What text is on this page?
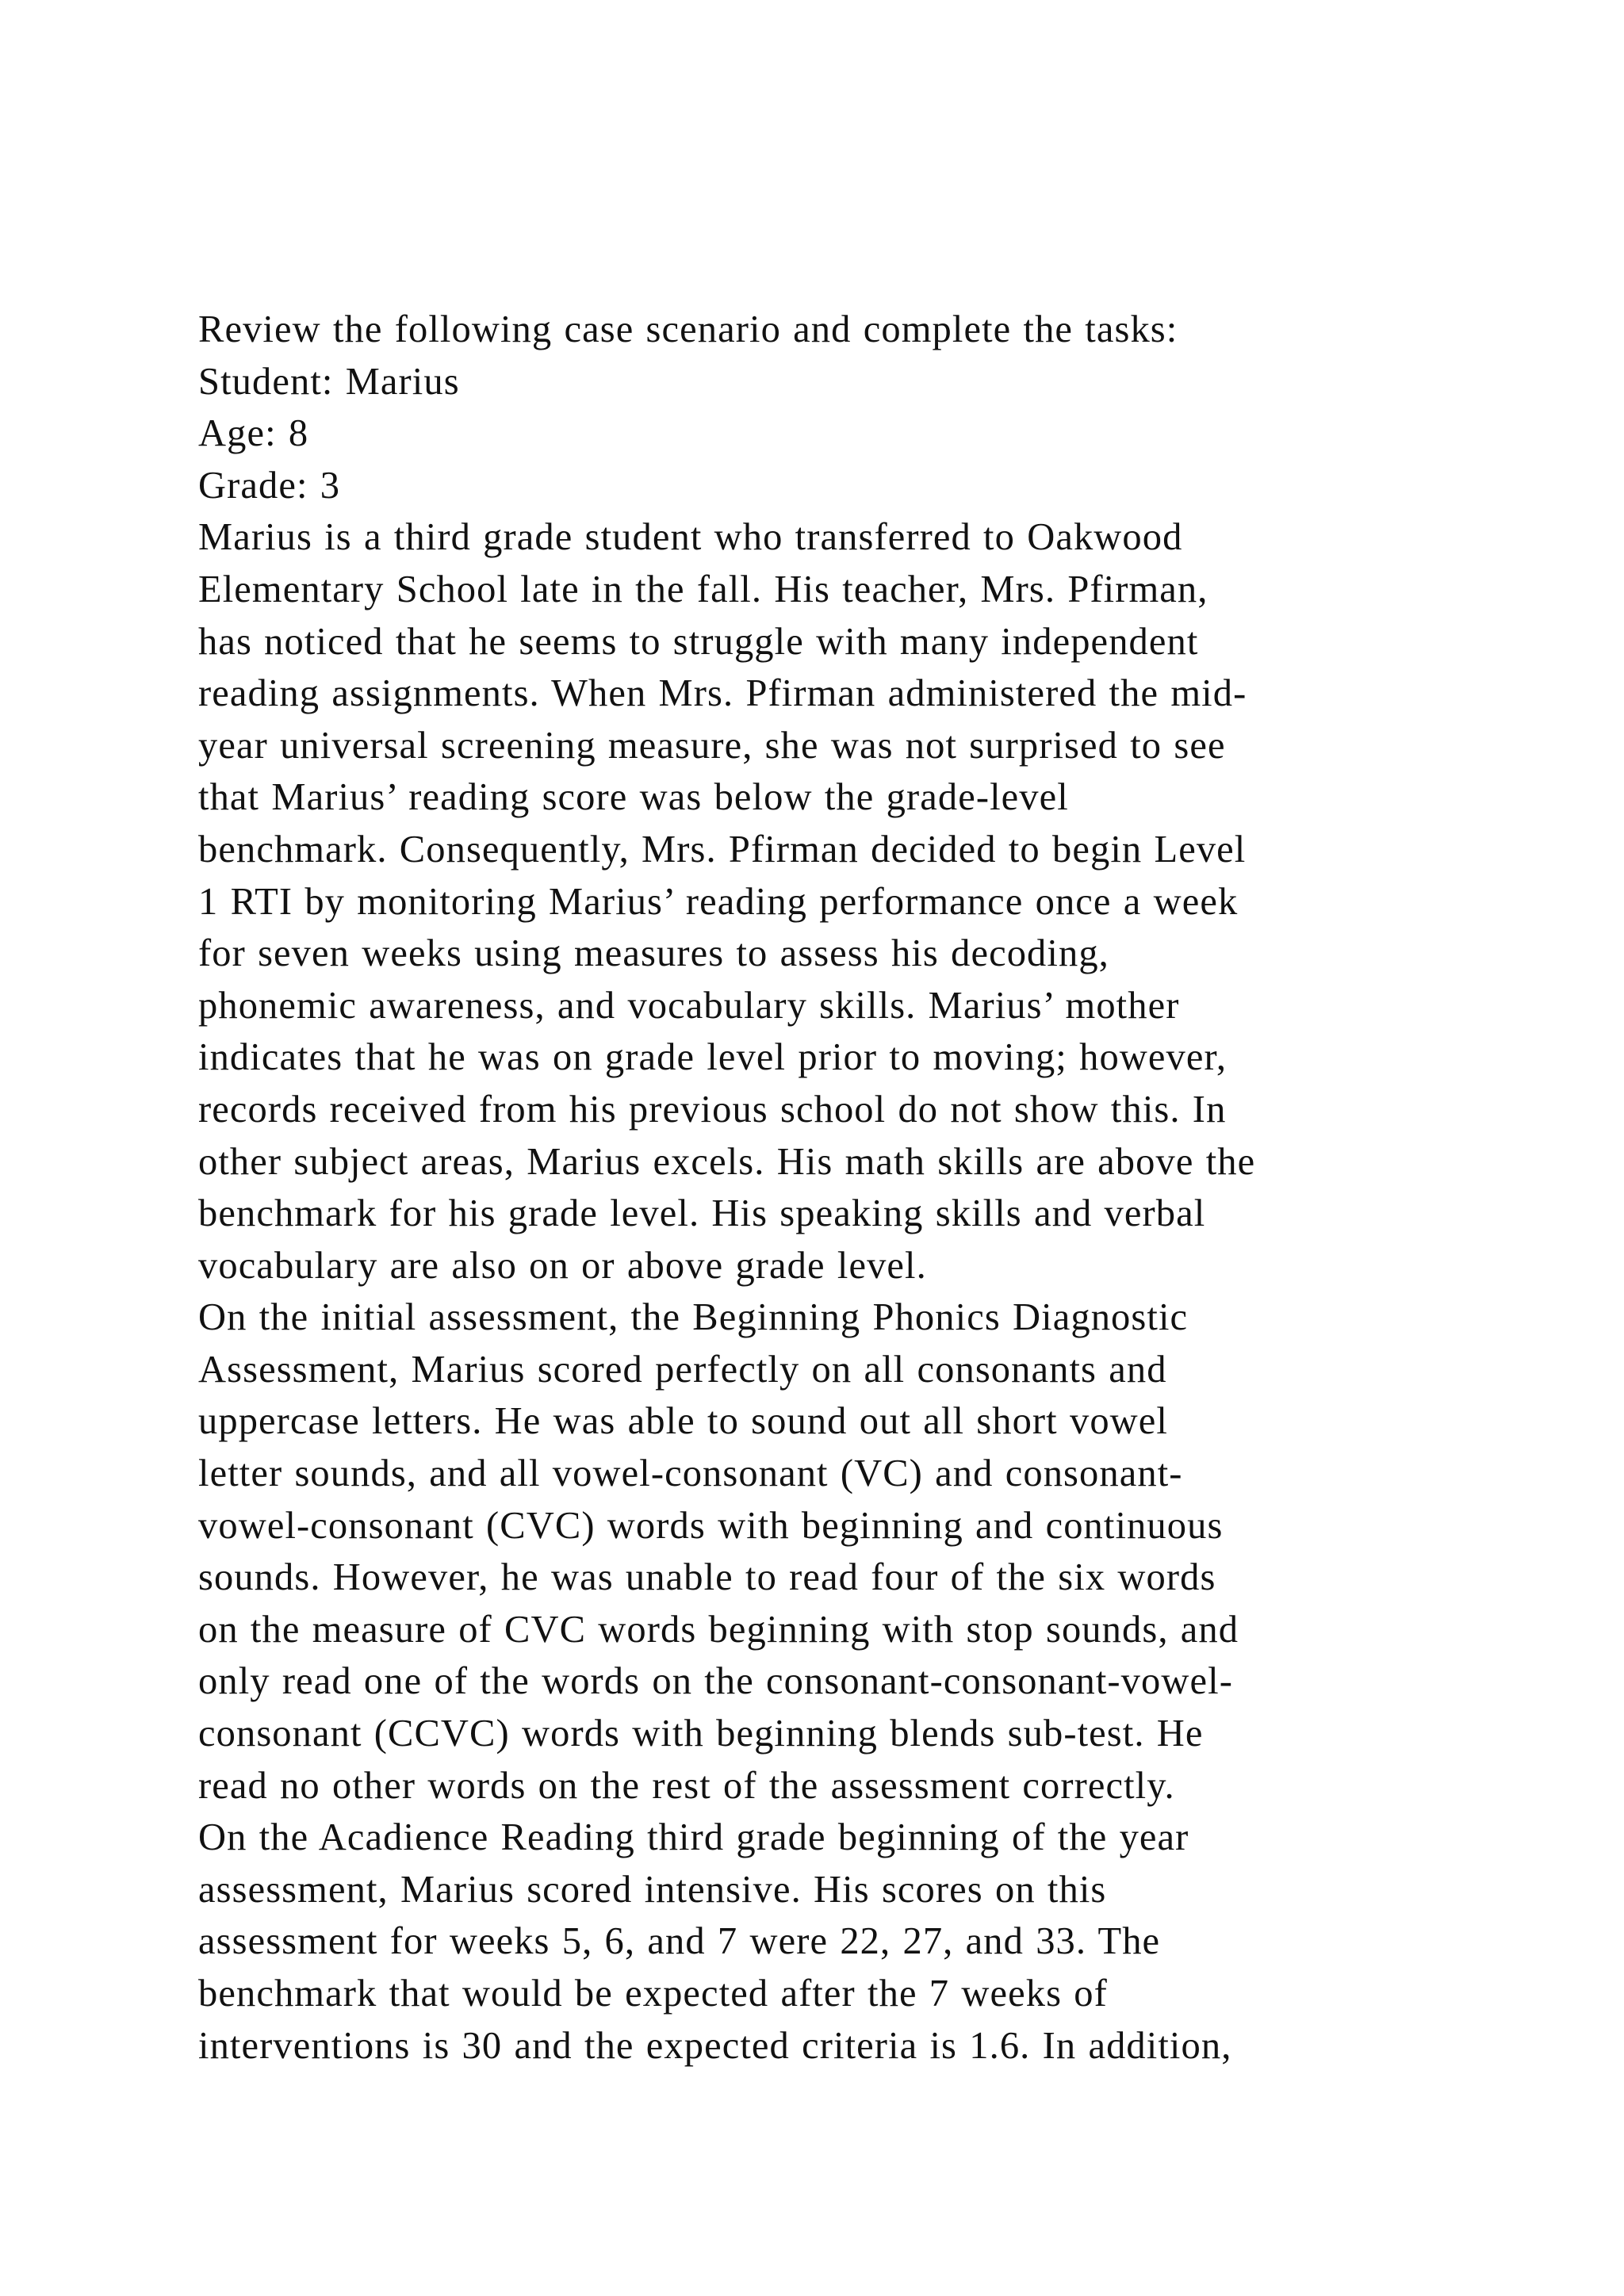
Review the following case scenario and complete the tasks:
Student: Marius
Age: 8
Grade: 3
Marius is a third grade student who transferred to Oakwood
Elementary School late in the fall. His teacher, Mrs. Pfirman,
has noticed that he seems to struggle with many independent
reading assignments. When Mrs. Pfirman administered the mid-
year universal screening measure, she was not surprised to see
that Marius’ reading score was below the grade-level
benchmark. Consequently, Mrs. Pfirman decided to begin Level
1 RTI by monitoring Marius’ reading performance once a week
for seven weeks using measures to assess his decoding,
phonemic awareness, and vocabulary skills. Marius’ mother
indicates that he was on grade level prior to moving; however,
records received from his previous school do not show this. In
other subject areas, Marius excels. His math skills are above the
benchmark for his grade level. His speaking skills and verbal
vocabulary are also on or above grade level.
On the initial assessment, the Beginning Phonics Diagnostic
Assessment, Marius scored perfectly on all consonants and
uppercase letters. He was able to sound out all short vowel
letter sounds, and all vowel-consonant (VC) and consonant-
vowel-consonant (CVC) words with beginning and continuous
sounds. However, he was unable to read four of the six words
on the measure of CVC words beginning with stop sounds, and
only read one of the words on the consonant-consonant-vowel-
consonant (CCVC) words with beginning blends sub-test. He
read no other words on the rest of the assessment correctly.
On the Acadience Reading third grade beginning of the year
assessment, Marius scored intensive. His scores on this
assessment for weeks 5, 6, and 7 were 22, 27, and 33. The
benchmark that would be expected after the 7 weeks of
interventions is 30 and the expected criteria is 1.6. In addition,
